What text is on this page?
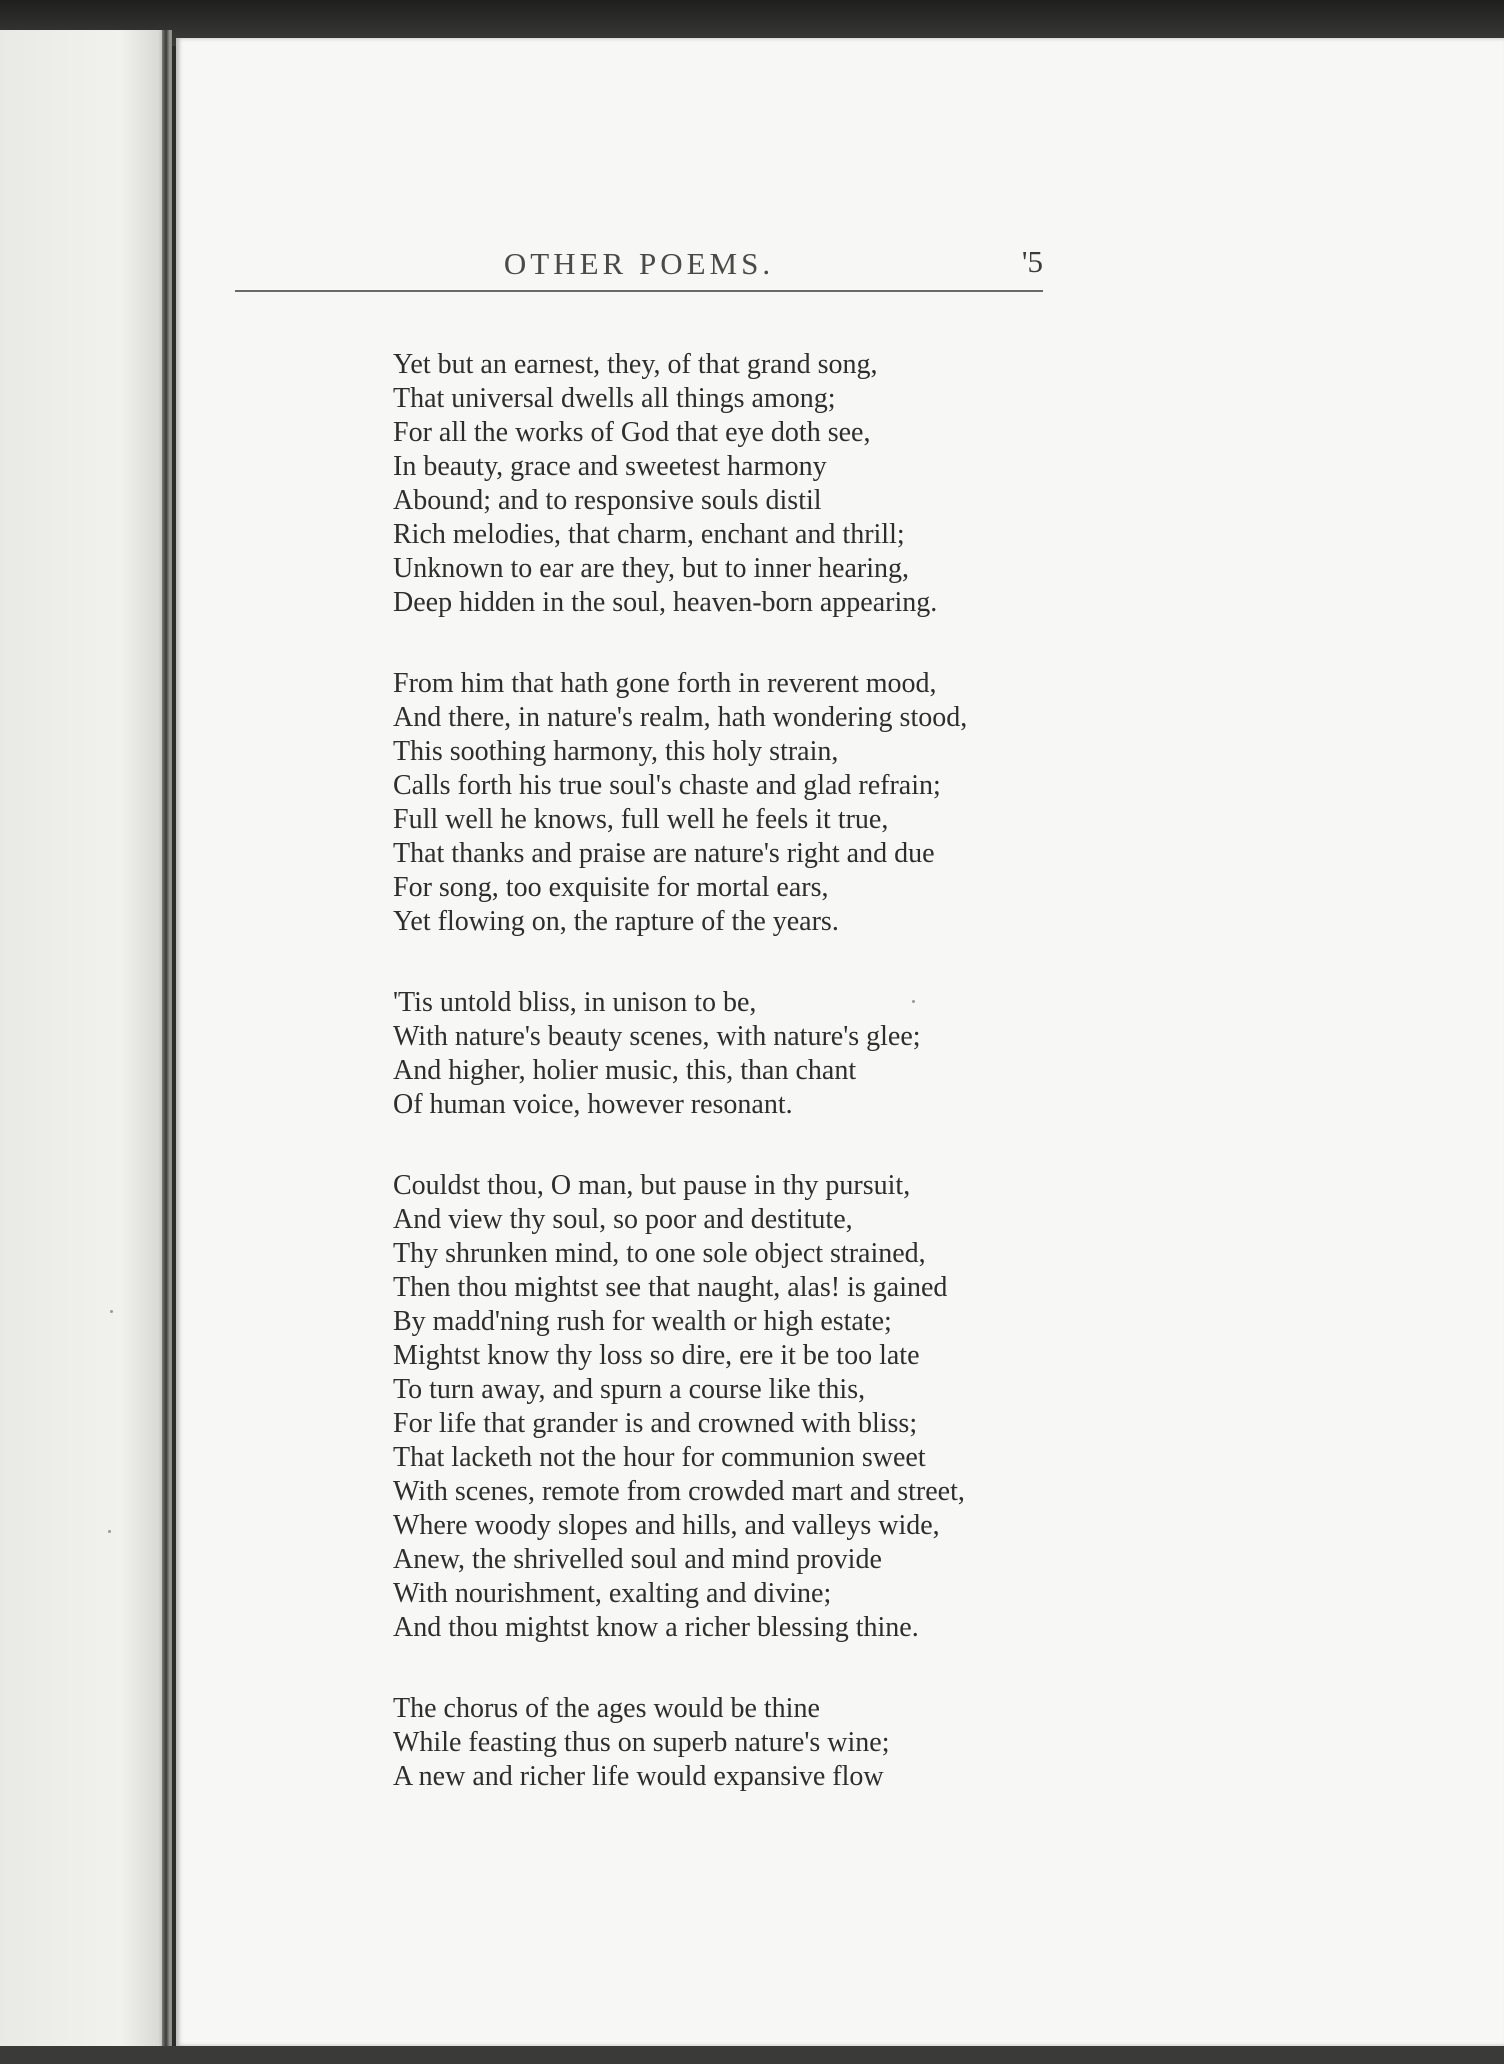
OTHER POEMS.	'5
Yet but an earnest, they, of that grand song,
That universal dwells all things among;
For all the works of God that eye doth see,
In beauty, grace and sweetest harmony
Abound; and to responsive souls distil
Rich melodies, that charm, enchant and thrill;
Unknown to ear are they, but to inner hearing,
Deep hidden in the soul, heaven-born appearing.
From him that hath gone forth in reverent mood,
And there, in nature's realm, hath wondering stood,
This soothing harmony, this holy strain,
Calls forth his true soul's chaste and glad refrain;
Full well he knows, full well he feels it true,
That thanks and praise are nature's right and due
For song, too exquisite for mortal ears,
Yet flowing on, the rapture of the years.
'Tis untold bliss, in unison to be,
With nature's beauty scenes, with nature's glee;
And higher, holier music, this, than chant
Of human voice, however resonant.
Couldst thou, O man, but pause in thy pursuit,
And view thy soul, so poor and destitute,
Thy shrunken mind, to one sole object strained,
Then thou mightst see that naught, alas! is gained
By madd'ning rush for wealth or high estate;
Mightst know thy loss so dire, ere it be too late
To turn away, and spurn a course like this,
For life that grander is and crowned with bliss;
That lacketh not the hour for communion sweet
With scenes, remote from crowded mart and street,
Where woody slopes and hills, and valleys wide,
Anew, the shrivelled soul and mind provide
With nourishment, exalting and divine;
And thou mightst know a richer blessing thine.
The chorus of the ages would be thine
While feasting thus on superb nature's wine;
A new and richer life would expansive flow
